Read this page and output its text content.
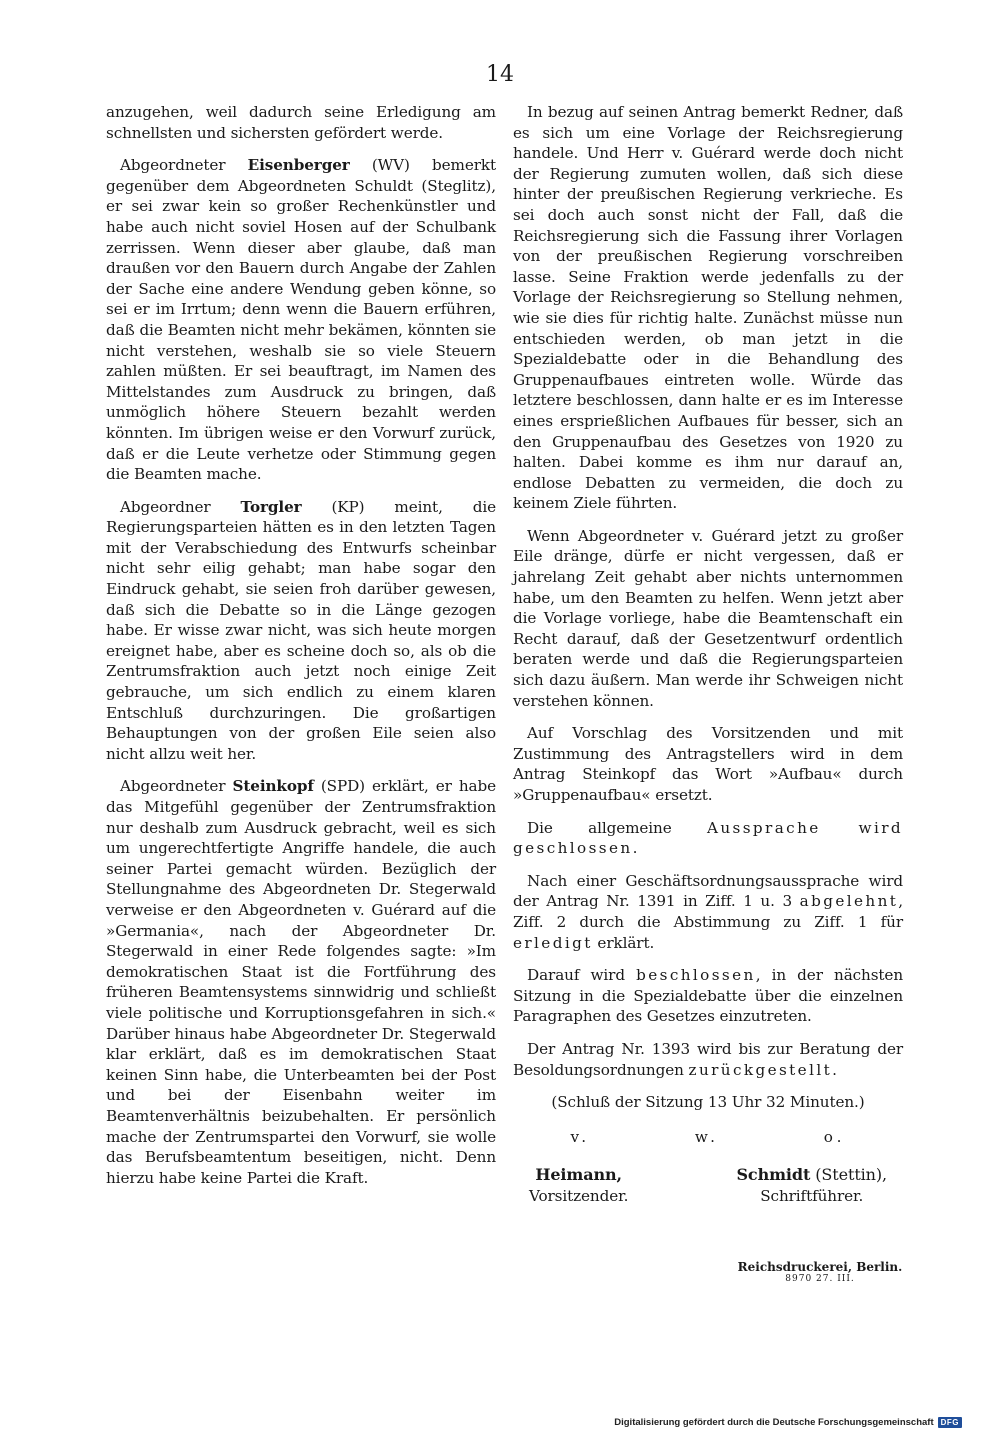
14

anzugehen, weil dadurch seine Erledigung am schnellsten und sichersten gefördert werde.

Abgeordneter Eisenberger (WV) bemerkt gegenüber dem Abgeordneten Schuldt (Steglitz), er sei zwar kein so großer Rechenkünstler und habe auch nicht soviel Hosen auf der Schulbank zerrissen. Wenn dieser aber glaube, daß man draußen vor den Bauern durch Angabe der Zahlen der Sache eine andere Wendung geben könne, so sei er im Irrtum; denn wenn die Bauern erführen, daß die Beamten nicht mehr bekämen, könnten sie nicht verstehen, weshalb sie so viele Steuern zahlen müßten. Er sei beauftragt, im Namen des Mittelstandes zum Ausdruck zu bringen, daß unmöglich höhere Steuern bezahlt werden könnten. Im übrigen weise er den Vorwurf zurück, daß er die Leute verhetze oder Stimmung gegen die Beamten mache.

Abgeordner Torgler (KP) meint, die Regierungsparteien hätten es in den letzten Tagen mit der Verabschiedung des Entwurfs scheinbar nicht sehr eilig gehabt; man habe sogar den Eindruck gehabt, sie seien froh darüber gewesen, daß sich die Debatte so in die Länge gezogen habe. Er wisse zwar nicht, was sich heute morgen ereignet habe, aber es scheine doch so, als ob die Zentrumsfraktion auch jetzt noch einige Zeit gebrauche, um sich endlich zu einem klaren Entschluß durchzuringen. Die großartigen Behauptungen von der großen Eile seien also nicht allzu weit her.

Abgeordneter Steinkopf (SPD) erklärt, er habe das Mitgefühl gegenüber der Zentrumsfraktion nur deshalb zum Ausdruck gebracht, weil es sich um ungerechtfertigte Angriffe handele, die auch seiner Partei gemacht würden. Bezüglich der Stellungnahme des Abgeordneten Dr. Stegerwald verweise er den Abgeordneten v. Guérard auf die »Germania«, nach der Abgeordneter Dr. Stegerwald in einer Rede folgendes sagte: »Im demokratischen Staat ist die Fortführung des früheren Beamtensystems sinnwidrig und schließt viele politische und Korruptionsgefahren in sich.« Darüber hinaus habe Abgeordneter Dr. Stegerwald klar erklärt, daß es im demokratischen Staat keinen Sinn habe, die Unterbeamten bei der Post und bei der Eisenbahn weiter im Beamtenverhältnis beizubehalten. Er persönlich mache der Zentrumspartei den Vorwurf, sie wolle das Berufsbeamtentum beseitigen, nicht. Denn hierzu habe keine Partei die Kraft.

In bezug auf seinen Antrag bemerkt Redner, daß es sich um eine Vorlage der Reichsregierung handele. Und Herr v. Guérard werde doch nicht der Regierung zumuten wollen, daß sich diese hinter der preußischen Regierung verkrieche. Es sei doch auch sonst nicht der Fall, daß die Reichsregierung sich die Fassung ihrer Vorlagen von der preußischen Regierung vorschreiben lasse. Seine Fraktion werde jedenfalls zu der Vorlage der Reichsregierung so Stellung nehmen, wie sie dies für richtig halte. Zunächst müsse nun entschieden werden, ob man jetzt in die Spezialdebatte oder in die Behandlung des Gruppenaufbaues eintreten wolle. Würde das letztere beschlossen, dann halte er es im Interesse eines ersprießlichen Aufbaues für besser, sich an den Gruppenaufbau des Gesetzes von 1920 zu halten. Dabei komme es ihm nur darauf an, endlose Debatten zu vermeiden, die doch zu keinem Ziele führten.

Wenn Abgeordneter v. Guérard jetzt zu großer Eile dränge, dürfe er nicht vergessen, daß er jahrelang Zeit gehabt aber nichts unternommen habe, um den Beamten zu helfen. Wenn jetzt aber die Vorlage vorliege, habe die Beamtenschaft ein Recht darauf, daß der Gesetzentwurf ordentlich beraten werde und daß die Regierungsparteien sich dazu äußern. Man werde ihr Schweigen nicht verstehen können.

Auf Vorschlag des Vorsitzenden und mit Zustimmung des Antragstellers wird in dem Antrag Steinkopf das Wort »Aufbau« durch »Gruppenaufbau« ersetzt.

Die allgemeine Aussprache wird geschlossen.

Nach einer Geschäftsordnungsaussprache wird der Antrag Nr. 1391 in Ziff. 1 u. 3 abgelehnt, Ziff. 2 durch die Abstimmung zu Ziff. 1 für erledigt erklärt.

Darauf wird beschlossen, in der nächsten Sitzung in die Spezialdebatte über die einzelnen Paragraphen des Gesetzes einzutreten.

Der Antrag Nr. 1393 wird bis zur Beratung der Besoldungsordnungen zurückgestellt.

(Schluß der Sitzung 13 Uhr 32 Minuten.)

v.	w.	o.
Heimann,
Vorsitzender.
Schmidt (Stettin),
Schriftführer.
Reichsdruckerei, Berlin.
8970 27. III.
Digitalisierung gefördert durch die Deutsche Forschungsgemeinschaft DFG
